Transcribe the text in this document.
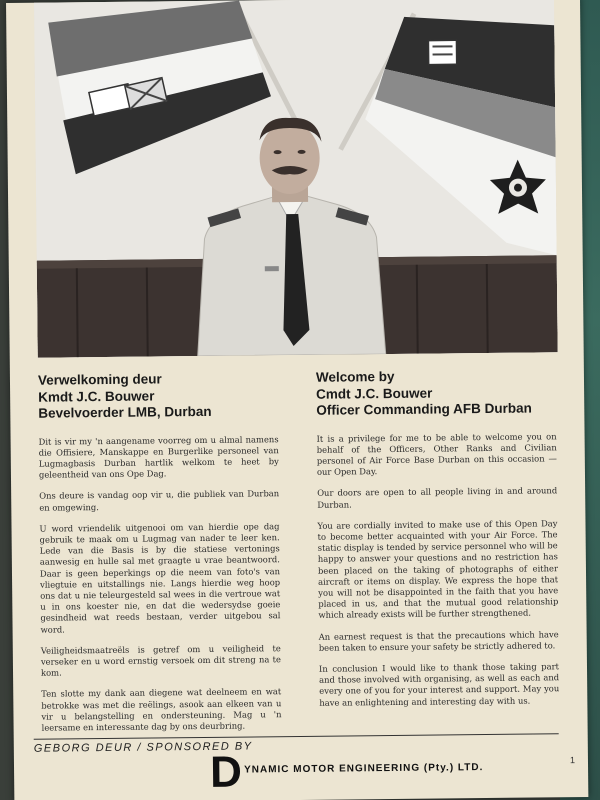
Verwelkoming deur
Kmdt J.C. Bouwer
Bevelvoerder LMB, Durban

Dit is vir my 'n aangename voorreg om u almal namens die Offisiere, Manskappe en Burgerlike personeel van Lugmagbasis Durban hartlik welkom te heet by geleentheid van ons Ope Dag.

Ons deure is vandag oop vir u, die publiek van Durban en omgewing.

U word vriendelik uitgenooi om van hierdie ope dag gebruik te maak om u Lugmag van nader te leer ken. Lede van die Basis is by die statiese vertonings aanwesig en hulle sal met graagte u vrae beantwoord. Daar is geen beperkings op die neem van foto's van vliegtuie en uitstallings nie. Langs hierdie weg hoop ons dat u nie teleurgesteld sal wees in die vertroue wat u in ons koester nie, en dat die wedersydse goeie gesindheid wat reeds bestaan, verder uitgebou sal word.

Veiligheidsmaatreëls is getref om u veiligheid te verseker en u word ernstig versoek om dit streng na te kom.

Ten slotte my dank aan diegene wat deelneem en wat betrokke was met die reëlings, asook aan elkeen van u vir u belangstelling en ondersteuning. Mag u 'n leersame en interessante dag by ons deurbring.

Welcome by
Cmdt J.C. Bouwer
Officer Commanding AFB Durban

It is a privilege for me to be able to welcome you on behalf of the Officers, Other Ranks and Civilian personel of Air Force Base Durban on this occasion — our Open Day.

Our doors are open to all people living in and around Durban.

You are cordially invited to make use of this Open Day to become better acquainted with your Air Force. The static display is tended by service personnel who will be happy to answer your questions and no restriction has been placed on the taking of photographs of either aircraft or items on display. We express the hope that you will not be disappointed in the faith that you have placed in us, and that the mutual good relationship which already exists will be further strengthened.

An earnest request is that the precautions which have been taken to ensure your safety be strictly adhered to.

In conclusion I would like to thank those taking part and those involved with organising, as well as each and every one of you for your interest and support. May you have an enlightening and interesting day with us.

GEBORG DEUR / SPONSORED BY
D YNAMIC MOTOR ENGINEERING (Pty.) LTD.
1
